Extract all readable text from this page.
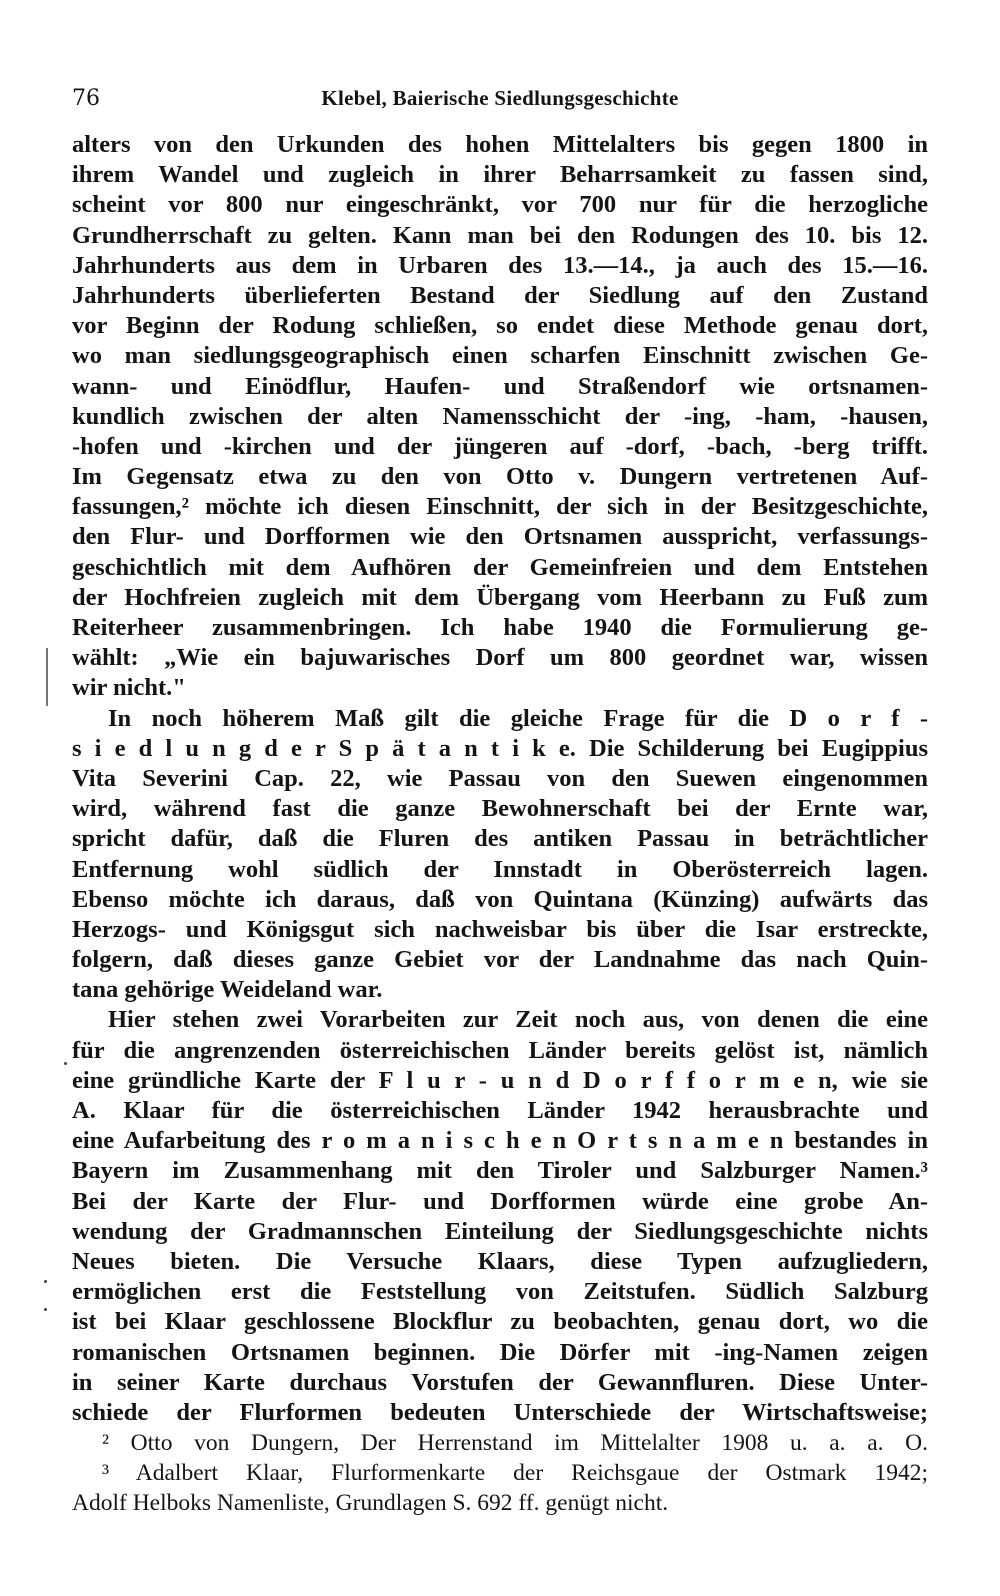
76	Klebel, Baierische Siedlungsgeschichte
alters von den Urkunden des hohen Mittelalters bis gegen 1800 in
ihrem Wandel und zugleich in ihrer Beharrsamkeit zu fassen sind,
scheint vor 800 nur eingeschränkt, vor 700 nur für die herzogliche
Grundherrschaft zu gelten. Kann man bei den Rodungen des 10. bis 12.
Jahrhunderts aus dem in Urbaren des 13.—14., ja auch des 15.—16.
Jahrhunderts überlieferten Bestand der Siedlung auf den Zustand
vor Beginn der Rodung schließen, so endet diese Methode genau dort,
wo man siedlungsgeographisch einen scharfen Einschnitt zwischen Ge-
wann- und Einödflur, Haufen- und Straßendorf wie ortsnamen-
kundlich zwischen der alten Namensschicht der -ing, -ham, -hausen,
-hofen und -kirchen und der jüngeren auf -dorf, -bach, -berg trifft.
Im Gegensatz etwa zu den von Otto v. Dungern vertretenen Auf-
fassungen,² möchte ich diesen Einschnitt, der sich in der Besitzgeschichte,
den Flur- und Dorfformen wie den Ortsnamen ausspricht, verfassungs-
geschichtlich mit dem Aufhören der Gemeinfreien und dem Entstehen
der Hochfreien zugleich mit dem Übergang vom Heerbann zu Fuß zum
Reiterheer zusammenbringen. Ich habe 1940 die Formulierung ge-
wählt: „Wie ein bajuwarisches Dorf um 800 geordnet war, wissen
wir nicht."
In noch höherem Maß gilt die gleiche Frage für die D o r f -
s i e d l u n g d e r S p ä t a n t i k e. Die Schilderung bei Eugippius
Vita Severini Cap. 22, wie Passau von den Suewen eingenommen
wird, während fast die ganze Bewohnerschaft bei der Ernte war,
spricht dafür, daß die Fluren des antiken Passau in beträchtlicher
Entfernung wohl südlich der Innstadt in Oberösterreich lagen.
Ebenso möchte ich daraus, daß von Quintana (Künzing) aufwärts das
Herzogs- und Königsgut sich nachweisbar bis über die Isar erstreckte,
folgern, daß dieses ganze Gebiet vor der Landnahme das nach Quin-
tana gehörige Weideland war.
Hier stehen zwei Vorarbeiten zur Zeit noch aus, von denen die eine
für die angrenzenden österreichischen Länder bereits gelöst ist, nämlich
eine gründliche Karte der F l u r - u n d D o r f f o r m e n, wie sie
A. Klaar für die österreichischen Länder 1942 herausbrachte und
eine Aufarbeitung des r o m a n i s c h e n O r t s n a m e n bestandes in
Bayern im Zusammenhang mit den Tiroler und Salzburger Namen.³
Bei der Karte der Flur- und Dorfformen würde eine grobe An-
wendung der Gradmannschen Einteilung der Siedlungsgeschichte nichts
Neues bieten. Die Versuche Klaars, diese Typen aufzugliedern,
ermöglichen erst die Feststellung von Zeitstufen. Südlich Salzburg
ist bei Klaar geschlossene Blockflur zu beobachten, genau dort, wo die
romanischen Ortsnamen beginnen. Die Dörfer mit -ing-Namen zeigen
in seiner Karte durchaus Vorstufen der Gewannfluren. Diese Unter-
schiede der Flurformen bedeuten Unterschiede der Wirtschaftsweise;
² Otto von Dungern, Der Herrenstand im Mittelalter 1908 u. a. a. O.
³ Adalbert Klaar, Flurformenkarte der Reichsgaue der Ostmark 1942;
Adolf Helboks Namenliste, Grundlagen S. 692 ff. genügt nicht.
